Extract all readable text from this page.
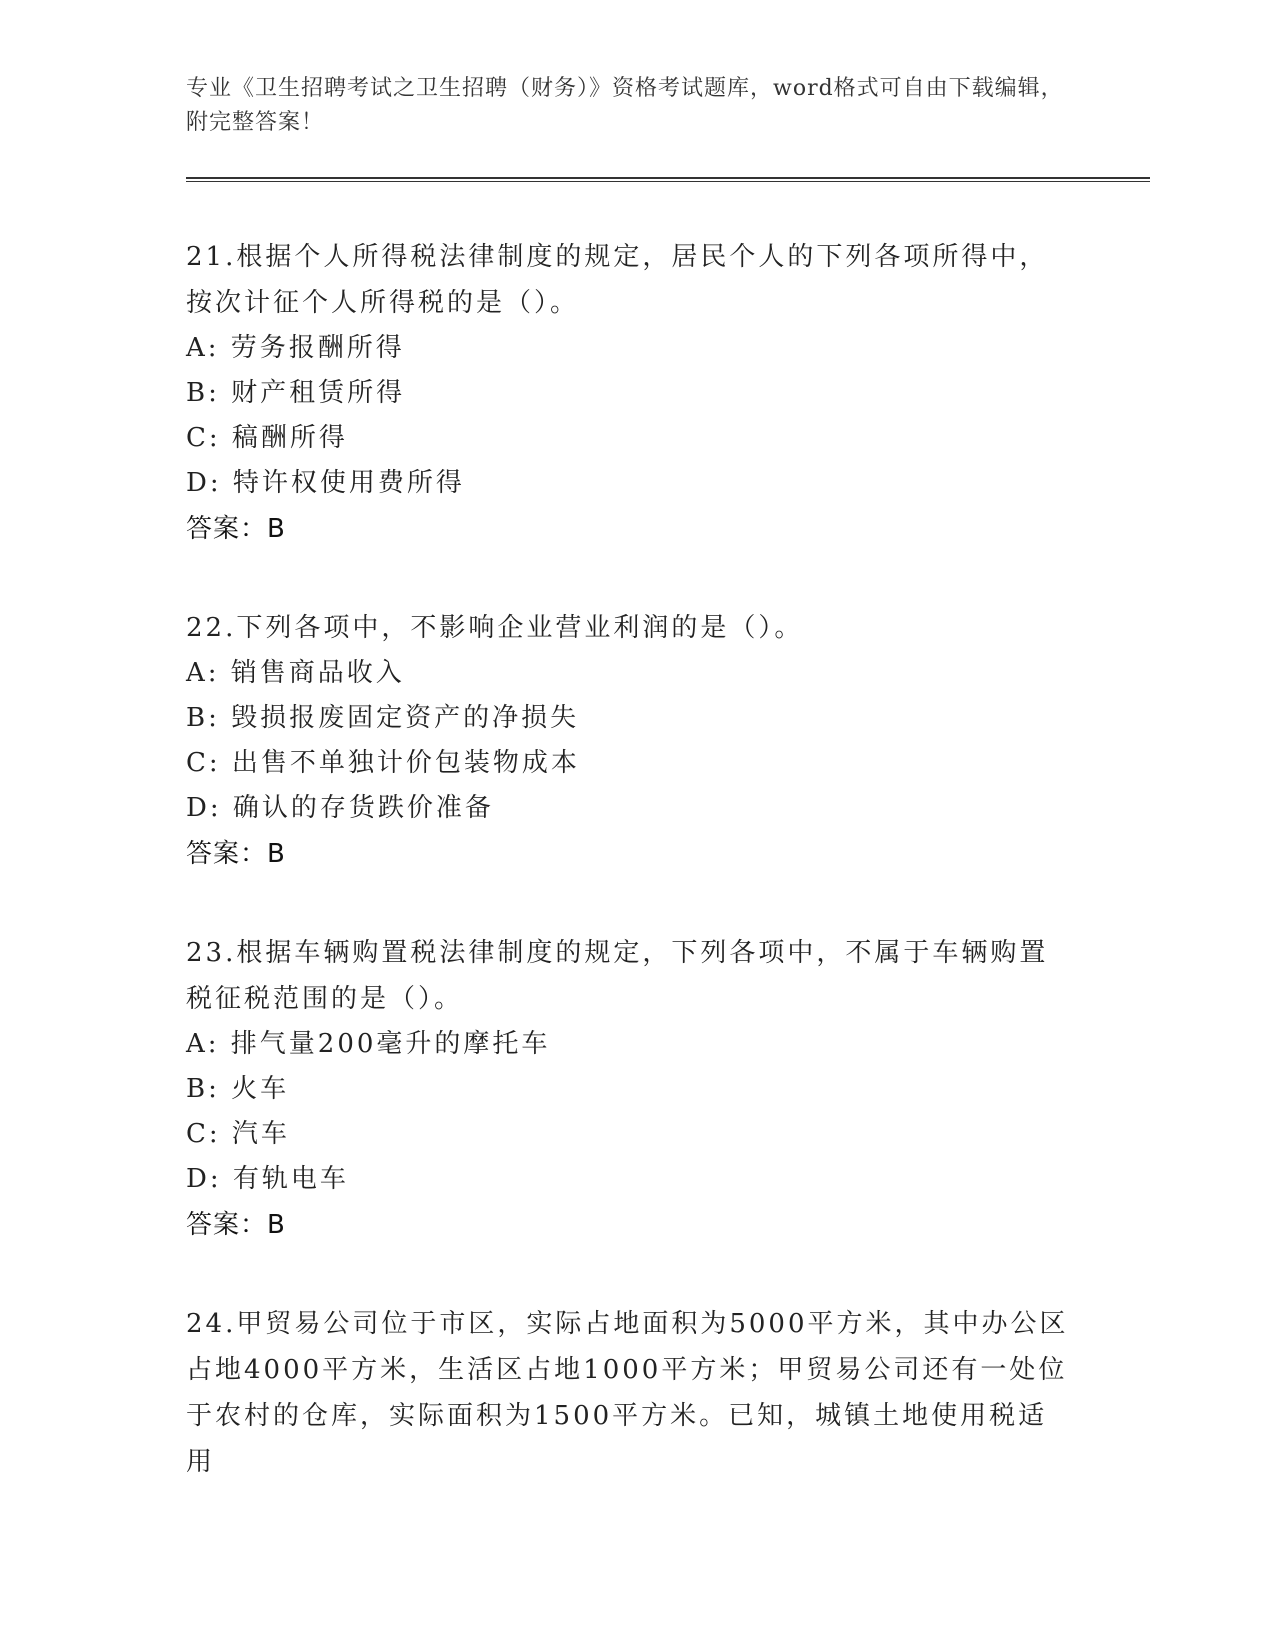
专业《卫生招聘考试之卫生招聘（财务）》资格考试题库，word格式可自由下载编辑，附完整答案！
21.根据个人所得税法律制度的规定，居民个人的下列各项所得中，按次计征个人所得税的是（）。
A: 劳务报酬所得
B: 财产租赁所得
C: 稿酬所得
D: 特许权使用费所得
答案：B
22.下列各项中，不影响企业营业利润的是（）。
A: 销售商品收入
B: 毁损报废固定资产的净损失
C: 出售不单独计价包装物成本
D: 确认的存货跌价准备
答案：B
23.根据车辆购置税法律制度的规定，下列各项中，不属于车辆购置税征税范围的是（）。
A: 排气量200毫升的摩托车
B: 火车
C: 汽车
D: 有轨电车
答案：B
24.甲贸易公司位于市区，实际占地面积为5000平方米，其中办公区占地4000平方米，生活区占地1000平方米；甲贸易公司还有一处位于农村的仓库，实际面积为1500平方米。已知，城镇土地使用税适用
